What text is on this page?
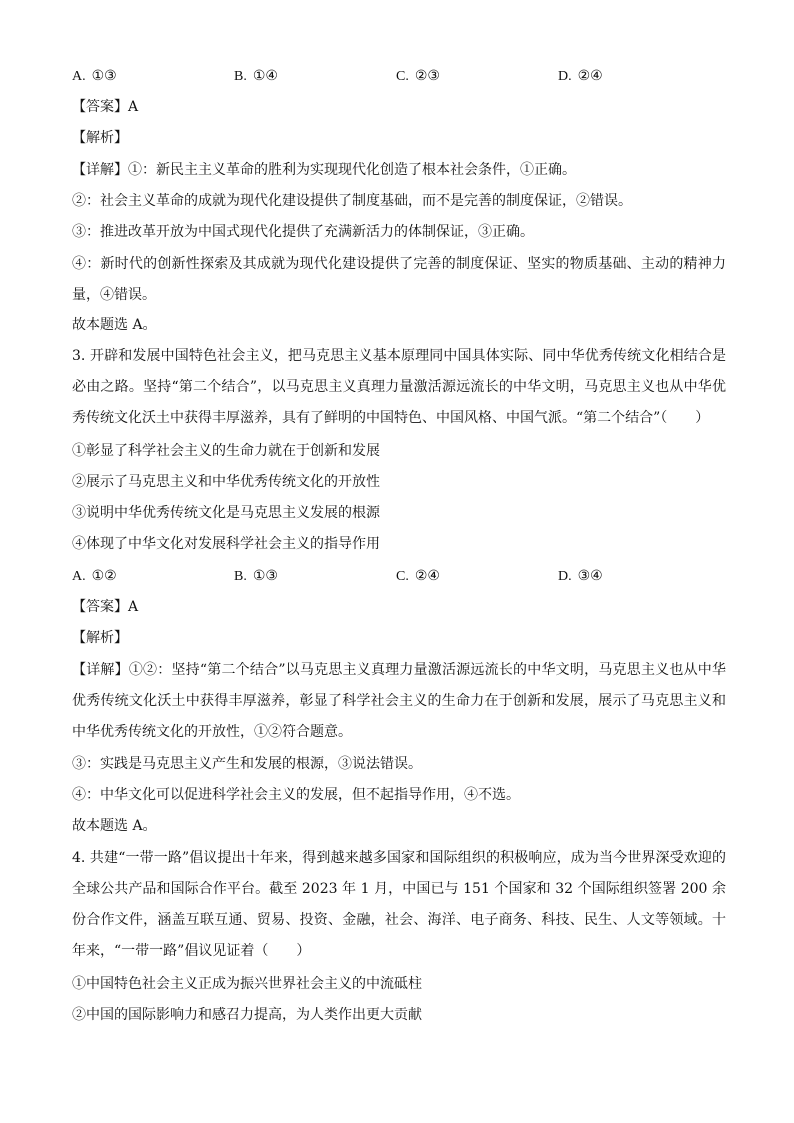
A. ①③	B. ①④	C. ②③	D. ②④
【答案】A
【解析】
【详解】①：新民主主义革命的胜利为实现现代化创造了根本社会条件，①正确。
②：社会主义革命的成就为现代化建设提供了制度基础，而不是完善的制度保证，②错误。
③：推进改革开放为中国式现代化提供了充满新活力的体制保证，③正确。
④：新时代的创新性探索及其成就为现代化建设提供了完善的制度保证、坚实的物质基础、主动的精神力量，④错误。
故本题选 A。
3. 开辟和发展中国特色社会主义，把马克思主义基本原理同中国具体实际、同中华优秀传统文化相结合是必由之路。坚持“第二个结合”，以马克思主义真理力量激活源远流长的中华文明，马克思主义也从中华优秀传统文化沃土中获得丰厚滋养，具有了鲜明的中国特色、中国风格、中国气派。“第二个结合”（　　）
①彰显了科学社会主义的生命力就在于创新和发展
②展示了马克思主义和中华优秀传统文化的开放性
③说明中华优秀传统文化是马克思主义发展的根源
④体现了中华文化对发展科学社会主义的指导作用
A. ①②	B. ①③	C. ②④	D. ③④
【答案】A
【解析】
【详解】①②：坚持“第二个结合”以马克思主义真理力量激活源远流长的中华文明，马克思主义也从中华优秀传统文化沃土中获得丰厚滋养，彰显了科学社会主义的生命力在于创新和发展，展示了马克思主义和中华优秀传统文化的开放性，①②符合题意。
③：实践是马克思主义产生和发展的根源，③说法错误。
④：中华文化可以促进科学社会主义的发展，但不起指导作用，④不选。
故本题选 A。
4. 共建“一带一路”倡议提出十年来，得到越来越多国家和国际组织的积极响应，成为当今世界深受欢迎的全球公共产品和国际合作平台。截至 2023 年 1 月，中国已与 151 个国家和 32 个国际组织签署 200 余份合作文件，涵盖互联互通、贸易、投资、金融，社会、海洋、电子商务、科技、民生、人文等领域。十年来，“一带一路”倡议见证着（　　）
①中国特色社会主义正成为振兴世界社会主义的中流砥柱
②中国的国际影响力和感召力提高，为人类作出更大贡献
